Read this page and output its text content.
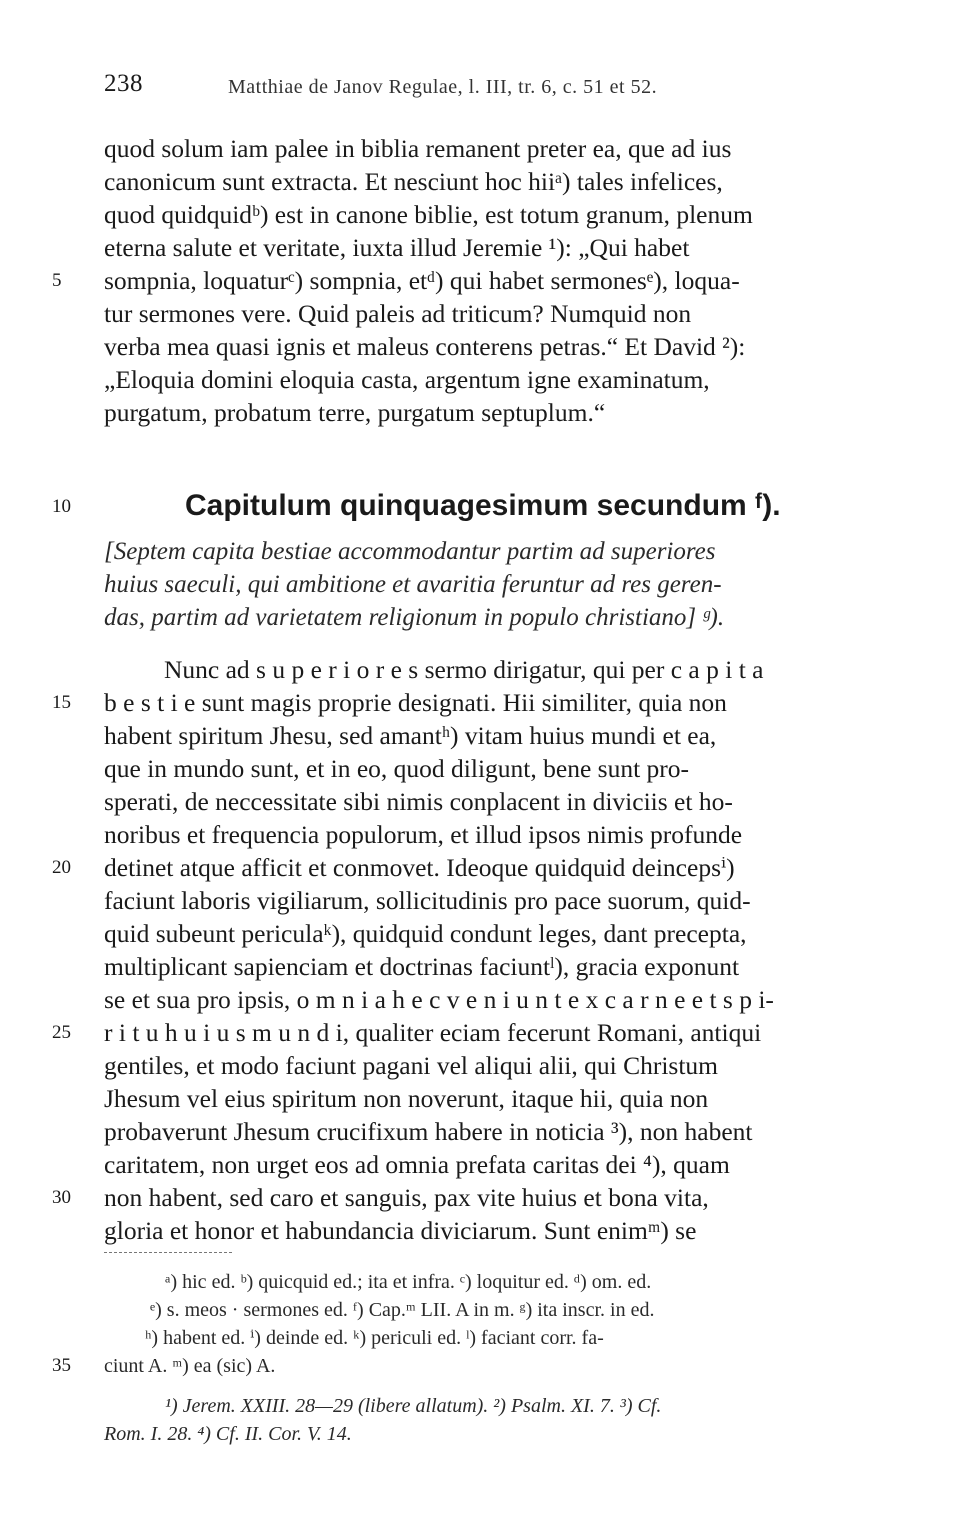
238	Matthiae de Janov Regulae, l. III, tr. 6, c. 51 et 52.
quod solum iam palee in biblia remanent preter ea, que ad ius
canonicum sunt extracta. Et nesciunt hoc hiiᵃ) tales infelices,
quod quidquidᵇ) est in canone biblie, est totum granum, plenum
eterna salute et veritate, iuxta illud Jeremie ¹): „Qui habet
5	sompnia, loquaturᶜ) sompnia, etᵈ) qui habet sermonesᵉ), loqua-
tur sermones vere. Quid paleis ad triticum? Numquid non
verba mea quasi ignis et maleus conterens petras.“ Et David ²):
„Eloquia domini eloquia casta, argentum igne examinatum,
purgatum, probatum terre, purgatum septuplum.“
10	Capitulum quinquagesimum secundum ᶠ).
[Septem capita bestiae accommodantur partim ad superiores
huius saeculi, qui ambitione et avaritia feruntur ad res geren-
das, partim ad varietatem religionum in populo christiano] ᵍ).
Nunc ad s u p e r i o r e s sermo dirigatur, qui per c a p i t a
15	b e s t i e sunt magis proprie designati. Hii similiter, quia non
habent spiritum Jhesu, sed amantʰ) vitam huius mundi et ea,
que in mundo sunt, et in eo, quod diligunt, bene sunt pro-
sperati, de neccessitate sibi nimis conplacent in diviciis et ho-
noribus et frequencia populorum, et illud ipsos nimis profunde
20	detinet atque afficit et conmovet. Ideoque quidquid deincepsⁱ)
faciunt laboris vigiliarum, sollicitudinis pro pace suorum, quid-
quid subeunt periculaᵏ), quidquid condunt leges, dant precepta,
multiplicant sapienciam et doctrinas faciuntˡ), gracia exponunt
se et sua pro ipsis, o m n i a h e c v e n i u n t e x c a r n e e t s p i-
25	r i t u h u i u s m u n d i, qualiter eciam fecerunt Romani, antiqui
gentiles, et modo faciunt pagani vel aliqui alii, qui Christum
Jhesum vel eius spiritum non noverunt, itaque hii, quia non
probaverunt Jhesum crucifixum habere in noticia ³), non habent
caritatem, non urget eos ad omnia prefata caritas dei ⁴), quam
30	non habent, sed caro et sanguis, pax vite huius et bona vita,
gloria et honor et habundancia diviciarum. Sunt enimᵐ) se
ᵃ) hic ed. ᵇ) quicquid ed.; ita et infra. ᶜ) loquitur ed. ᵈ) om. ed.
ᵉ) s. meos · sermones ed. ᶠ) Cap.ᵐ LII. A in m. ᵍ) ita inscr. in ed.
ʰ) habent ed. ⁱ) deinde ed. ᵏ) periculi ed. ˡ) faciant corr. fa-
35 ciunt A. ᵐ) ea (sic) A.
¹) Jerem. XXIII. 28—29 (libere allatum). ²) Psalm. XI. 7. ³) Cf.
Rom. I. 28. ⁴) Cf. II. Cor. V. 14.
